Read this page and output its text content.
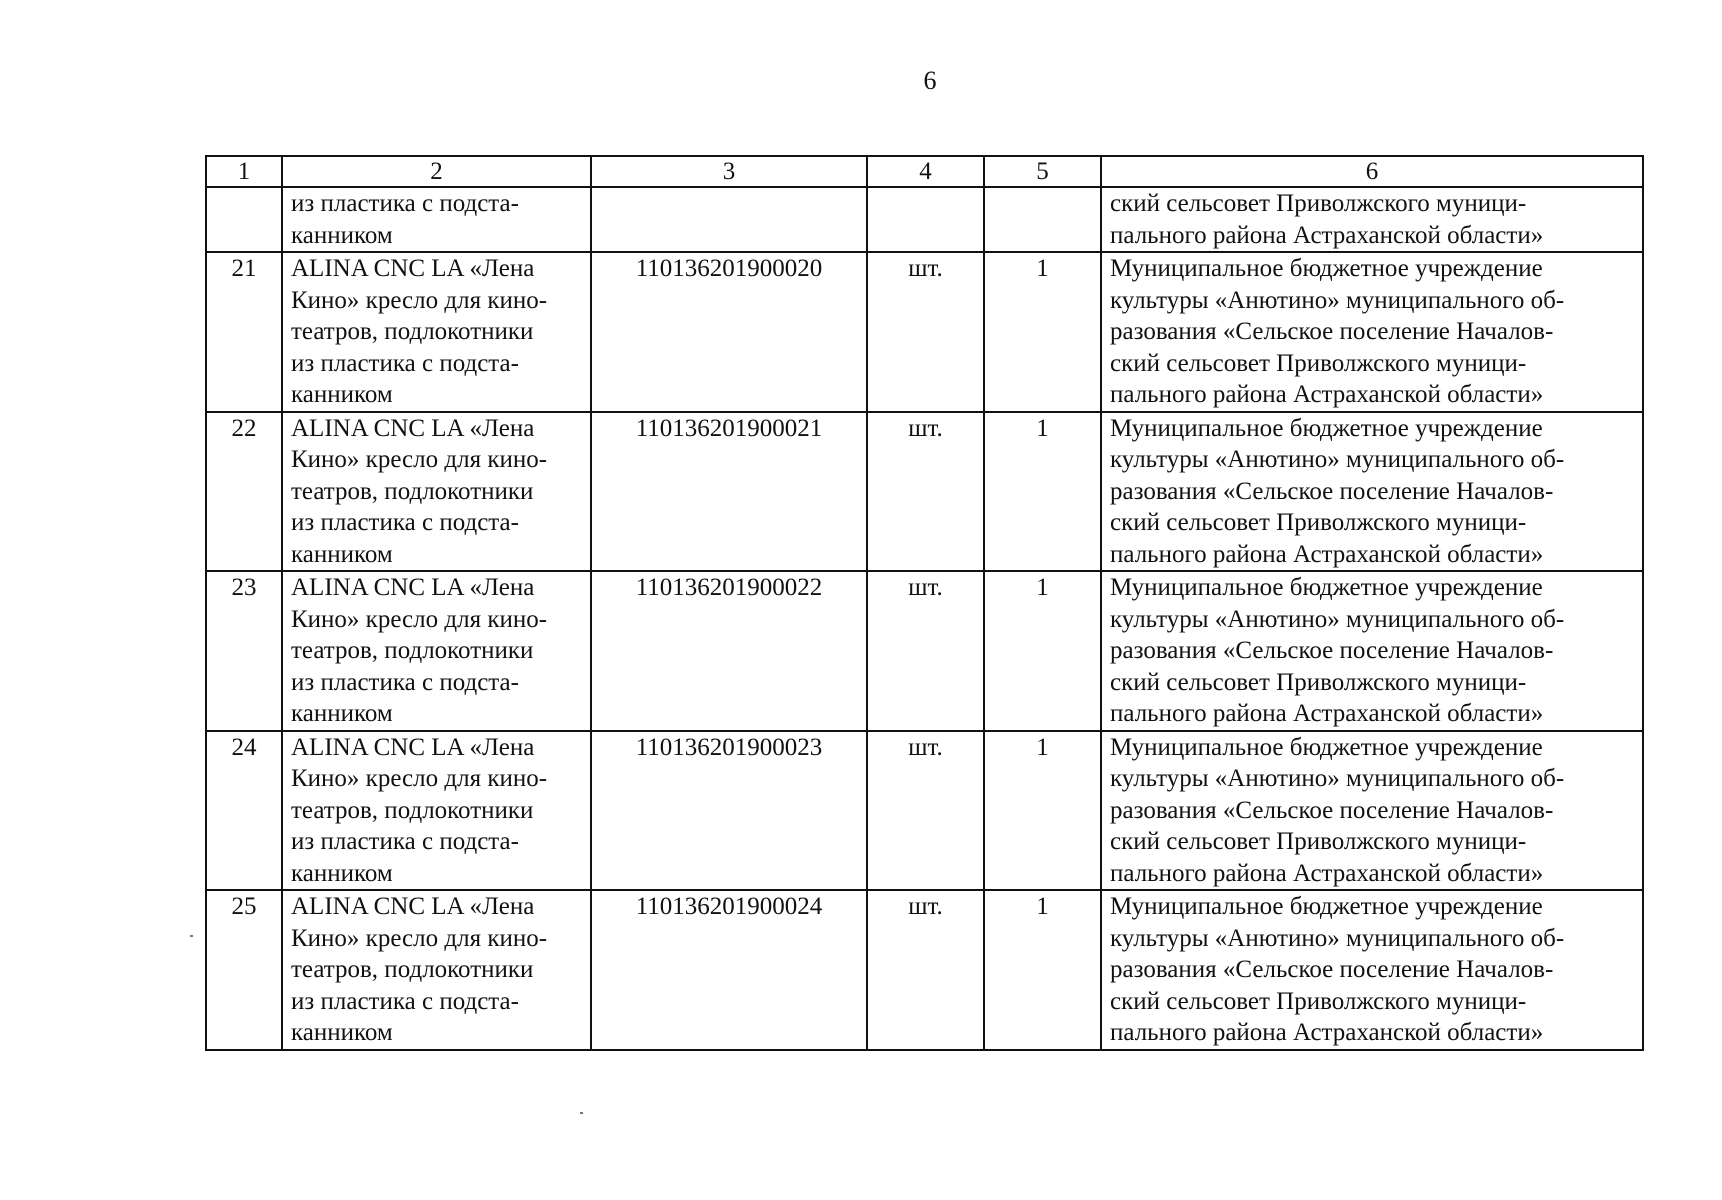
6
1	2	3	4	5	6

	из пластика с подста-
канником				ский сельсовет Приволжского муници-
пального района Астраханской области»

21	ALINA CNC LA «Лена
Кино» кресло для кино-
театров, подлокотники
из пластика с подста-
канником	110136201900020	шт.	1	Муниципальное бюджетное учреждение
культуры «Анютино» муниципального об-
разования «Сельское поселение Началов-
ский сельсовет Приволжского муници-
пального района Астраханской области»

22	ALINA CNC LA «Лена
Кино» кресло для кино-
театров, подлокотники
из пластика с подста-
канником	110136201900021	шт.	1	Муниципальное бюджетное учреждение
культуры «Анютино» муниципального об-
разования «Сельское поселение Началов-
ский сельсовет Приволжского муници-
пального района Астраханской области»

23	ALINA CNC LA «Лена
Кино» кресло для кино-
театров, подлокотники
из пластика с подста-
канником	110136201900022	шт.	1	Муниципальное бюджетное учреждение
культуры «Анютино» муниципального об-
разования «Сельское поселение Началов-
ский сельсовет Приволжского муници-
пального района Астраханской области»

24	ALINA CNC LA «Лена
Кино» кресло для кино-
театров, подлокотники
из пластика с подста-
канником	110136201900023	шт.	1	Муниципальное бюджетное учреждение
культуры «Анютино» муниципального об-
разования «Сельское поселение Началов-
ский сельсовет Приволжского муници-
пального района Астраханской области»

25	ALINA CNC LA «Лена
Кино» кресло для кино-
театров, подлокотники
из пластика с подста-
канником	110136201900024	шт.	1	Муниципальное бюджетное учреждение
культуры «Анютино» муниципального об-
разования «Сельское поселение Началов-
ский сельсовет Приволжского муници-
пального района Астраханской области»
